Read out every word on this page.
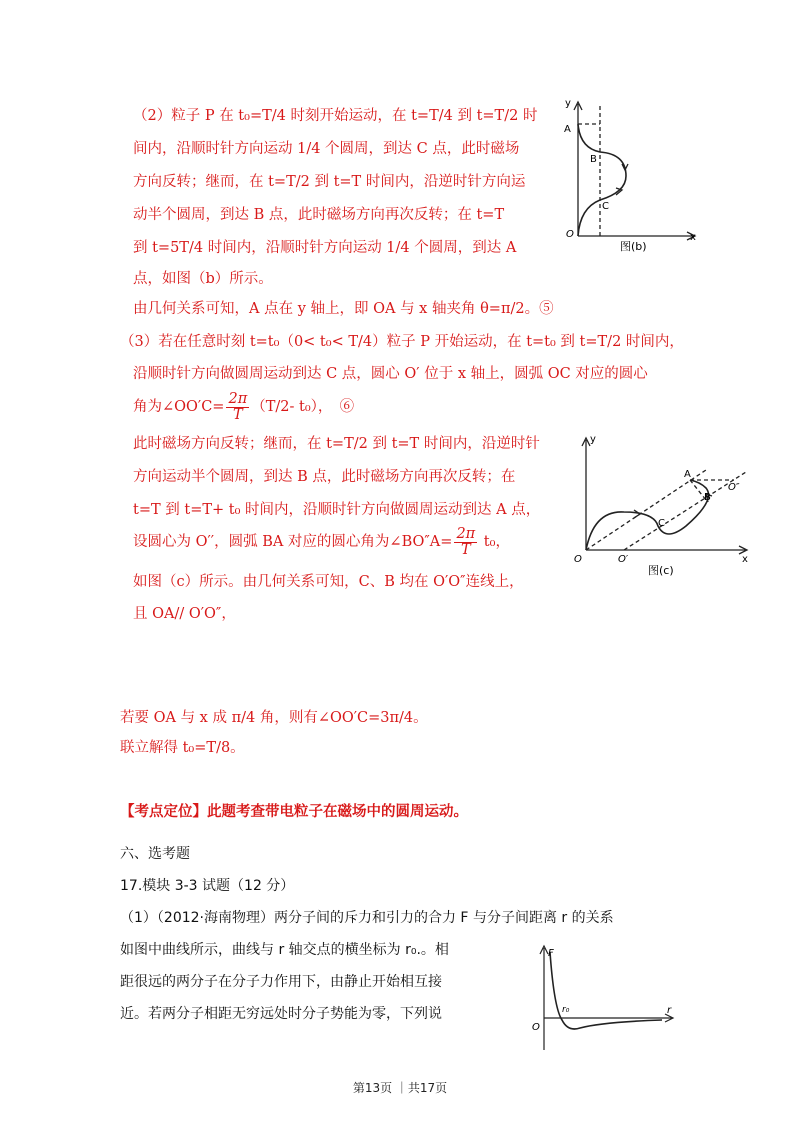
（2）粒子 P 在 t₀=T/4 时刻开始运动，在 t=T/4 到 t=T/2 时
间内，沿顺时针方向运动 1/4 个圆周，到达 C 点，此时磁场
方向反转；继而，在 t=T/2 到 t=T 时间内，沿逆时针方向运
动半个圆周，到达 B 点，此时磁场方向再次反转；在 t=T
到 t=5T/4 时间内，沿顺时针方向运动 1/4 个圆周，到达 A
点，如图（b）所示。
由几何关系可知，A 点在 y 轴上，即 OA 与 x 轴夹角 θ=π/2。⑤
y
A
B
C
O	x
图(b)
（3）若在任意时刻 t=t₀（0< t₀< T/4）粒子 P 开始运动，在 t=t₀ 到 t=T/2 时间内，
沿顺时针方向做圆周运动到达 C 点，圆心 O′ 位于 x 轴上，圆弧 OC 对应的圆心
角为∠OO′C= $\frac{2\pi}{T} (T/2-$ t₀），　⑥
此时磁场方向反转；继而，在 t=T/2 到 t=T 时间内，沿逆时针
方向运动半个圆周，到达 B 点，此时磁场方向再次反转；在
t=T 到 t=T+ t₀ 时间内，沿顺时针方向做圆周运动到达 A 点，
设圆心为 O′′，圆弧 BA 对应的圆心角为∠BO″A= $\frac{2\pi}{T} t_0$，
如图（c）所示。由几何关系可知，C、B 均在 O′O″连线上，
且 OA// O′O″，
y
A
B
C
O″
O	O′	x
图(c)
若要 OA 与 x 成 π/4 角，则有∠OO′C=3π/4。
联立解得 t₀=T/8。
【考点定位】此题考查带电粒子在磁场中的圆周运动。
六、选考题
17.模块 3-3 试题（12 分）
（1）（2012·海南物理）两分子间的斥力和引力的合力 F 与分子间距离 r 的关系
如图中曲线所示，曲线与 r 轴交点的横坐标为 r₀.。相
距很远的两分子在分子力作用下，由静止开始相互接
近。若两分子相距无穷远处时分子势能为零，下列说
F
r
r₀
O
第13页 ｜共17页
